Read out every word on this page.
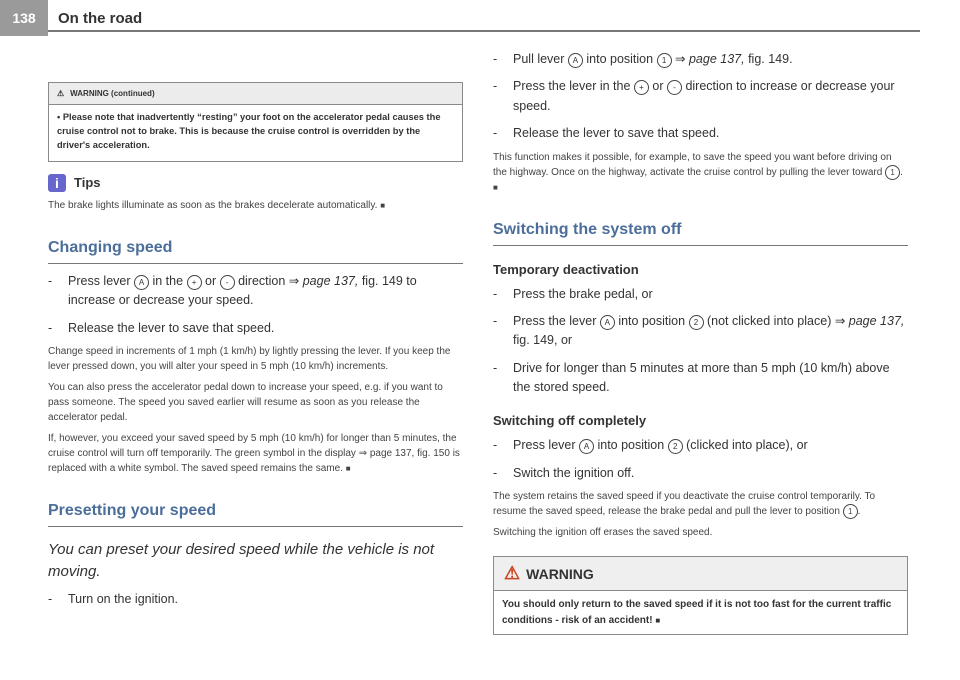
138	On the road
⚠ WARNING (continued)
• Please note that inadvertently “resting” your foot on the accelerator pedal causes the cruise control not to brake. This is because the cruise control is overridden by the driver's acceleration.
i	Tips
The brake lights illuminate as soon as the brakes decelerate automatically. ■
Changing speed
- Press lever A in the + or - direction ⇒ page 137, fig. 149 to increase or decrease your speed.
- Release the lever to save that speed.
Change speed in increments of 1 mph (1 km/h) by lightly pressing the lever. If you keep the lever pressed down, you will alter your speed in 5 mph (10 km/h) increments.
You can also press the accelerator pedal down to increase your speed, e.g. if you want to pass someone. The speed you saved earlier will resume as soon as you release the accelerator pedal.
If, however, you exceed your saved speed by 5 mph (10 km/h) for longer than 5 minutes, the cruise control will turn off temporarily. The green symbol in the display ⇒ page 137, fig. 150 is replaced with a white symbol. The saved speed remains the same. ■
Presetting your speed
You can preset your desired speed while the vehicle is not moving.
- Turn on the ignition.
- Pull lever A into position 1 ⇒ page 137, fig. 149.
- Press the lever in the + or - direction to increase or decrease your speed.
- Release the lever to save that speed.
This function makes it possible, for example, to save the speed you want before driving on the highway. Once on the highway, activate the cruise control by pulling the lever toward 1 . ■
Switching the system off
Temporary deactivation
- Press the brake pedal, or
- Press the lever A into position 2 (not clicked into place) ⇒ page 137, fig. 149, or
- Drive for longer than 5 minutes at more than 5 mph (10 km/h) above the stored speed.
Switching off completely
- Press lever A into position 2 (clicked into place), or
- Switch the ignition off.
The system retains the saved speed if you deactivate the cruise control temporarily. To resume the saved speed, release the brake pedal and pull the lever to position 1 .
Switching the ignition off erases the saved speed.
⚠ WARNING
You should only return to the saved speed if it is not too fast for the current traffic conditions - risk of an accident! ■
